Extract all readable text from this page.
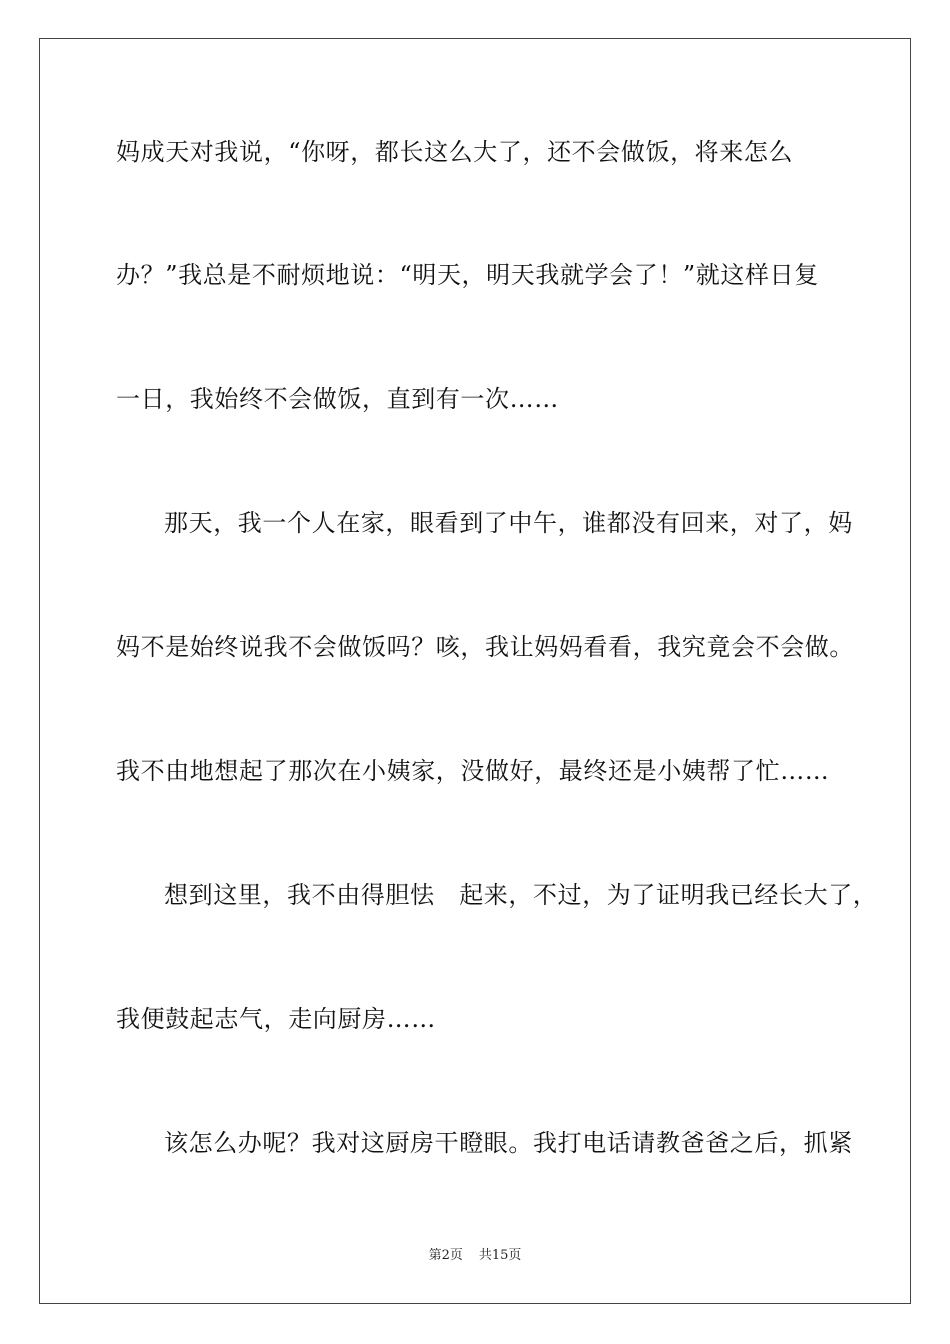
妈成天对我说，“你呀，都长这么大了，还不会做饭，将来怎么
办？”我总是不耐烦地说：“明天，明天我就学会了！”就这样日复
一日，我始终不会做饭，直到有一次……
那天，我一个人在家，眼看到了中午，谁都没有回来，对了，妈
妈不是始终说我不会做饭吗？咳，我让妈妈看看，我究竟会不会做。
我不由地想起了那次在小姨家，没做好，最终还是小姨帮了忙……
想到这里，我不由得胆怯　起来，不过，为了证明我已经长大了，
我便鼓起志气，走向厨房……
该怎么办呢？我对这厨房干瞪眼。我打电话请教爸爸之后，抓紧
第2页 共15页
